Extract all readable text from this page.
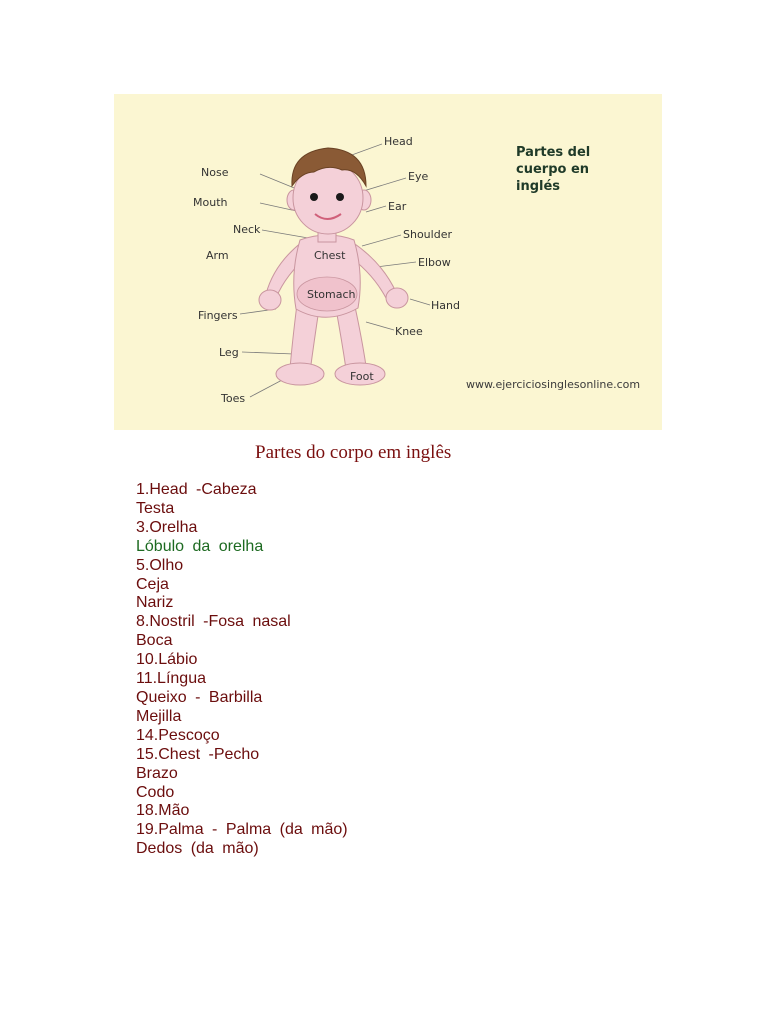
Head
Nose	Eye
Mouth	Ear
Neck	Shoulder
Arm	Chest
Elbow
Stomach
Hand
Fingers
Knee
Leg
Foot
Toes
Partes del
cuerpo en
inglés
www.ejerciciosinglesonline.com
Partes do corpo em inglês
1.Head -Cabeza
Testa
3.Orelha
Lóbulo da orelha
5.Olho
Ceja
Nariz
8.Nostril -Fosa nasal
Boca
10.Lábio
11.Língua
Queixo - Barbilla
Mejilla
14.Pescoço
15.Chest -Pecho
Brazo
Codo
18.Mão
19.Palma - Palma (da mão)
Dedos (da mão)
